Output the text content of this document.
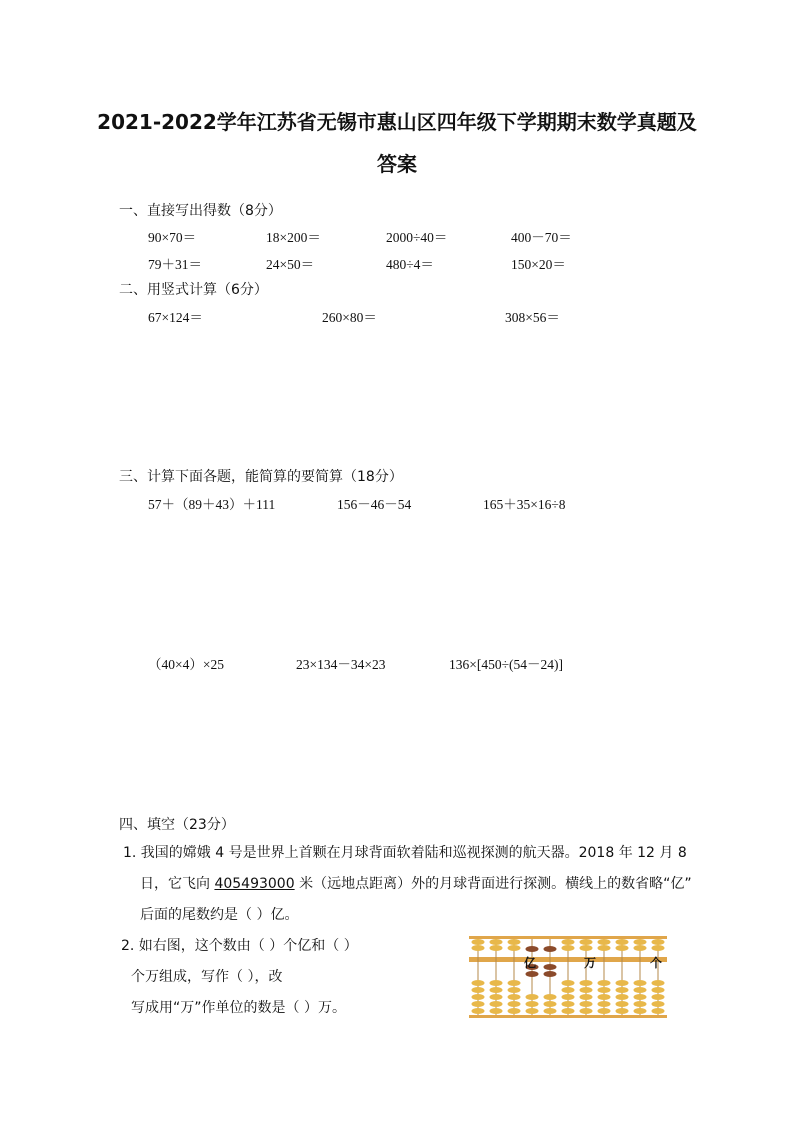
2021-2022学年江苏省无锡市惠山区四年级下学期期末数学真题及
答案
一、直接写出得数（8分）
90×70＝	18×200＝	2000÷40＝	400－70＝
79＋31＝	24×50＝	480÷4＝	150×20＝
二、用竖式计算（6分）
67×124＝	260×80＝	308×56＝
三、计算下面各题，能简算的要简算（18分）
57＋（89＋43）＋111	156－46－54	165＋35×16÷8
（40×4）×25	23×134－34×23	136×[450÷(54－24)]
四、填空（23分）
1. 我国的嫦娥 4 号是世界上首颗在月球背面软着陆和巡视探测的航天器。2018 年 12 月 8
日，它飞向 405493000 米（远地点距离）外的月球背面进行探测。横线上的数省略“亿”
后面的尾数约是（ ）亿。
2. 如右图，这个数由（ ）个亿和（ ）
个万组成，写作（ ），改
写成用“万”作单位的数是（ ）万。
亿	万	个
